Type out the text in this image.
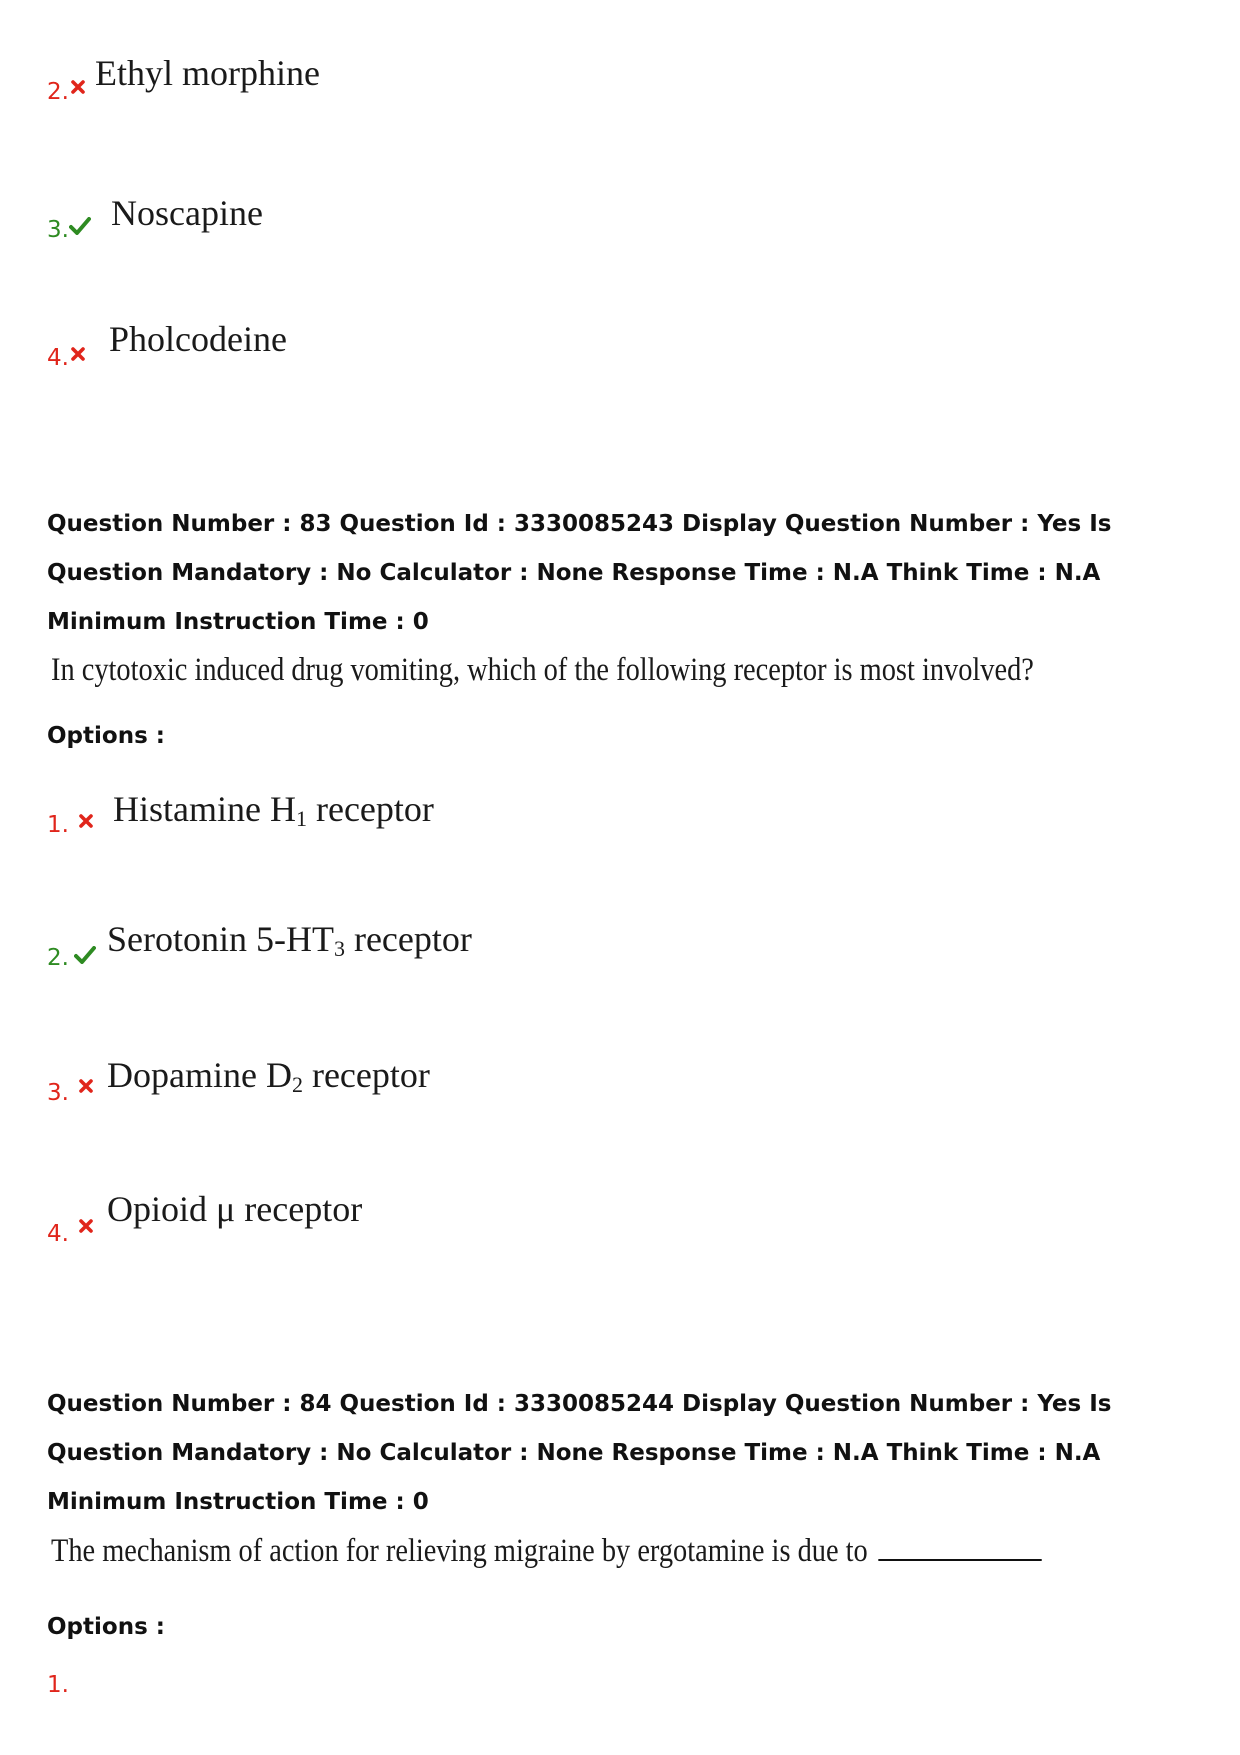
2. Ethyl morphine
3. Noscapine
4. Pholcodeine
Question Number : 83 Question Id : 3330085243 Display Question Number : Yes Is Question Mandatory : No Calculator : None Response Time : N.A Think Time : N.A Minimum Instruction Time : 0
In cytotoxic induced drug vomiting, which of the following receptor is most involved?
Options :
1. Histamine $H_1$ receptor
2. Serotonin $5-HT_3$ receptor
3. Dopamine $D_2$ receptor
4.
Opioid μ receptor
Question Number : 84 Question Id : 3330085244 Display Question Number : Yes Is Question Mandatory : No Calculator : None Response Time : N.A Think Time : N.A Minimum Instruction Time : 0
The mechanism of action for relieving migraine by ergotamine is due to
Options :
1.
